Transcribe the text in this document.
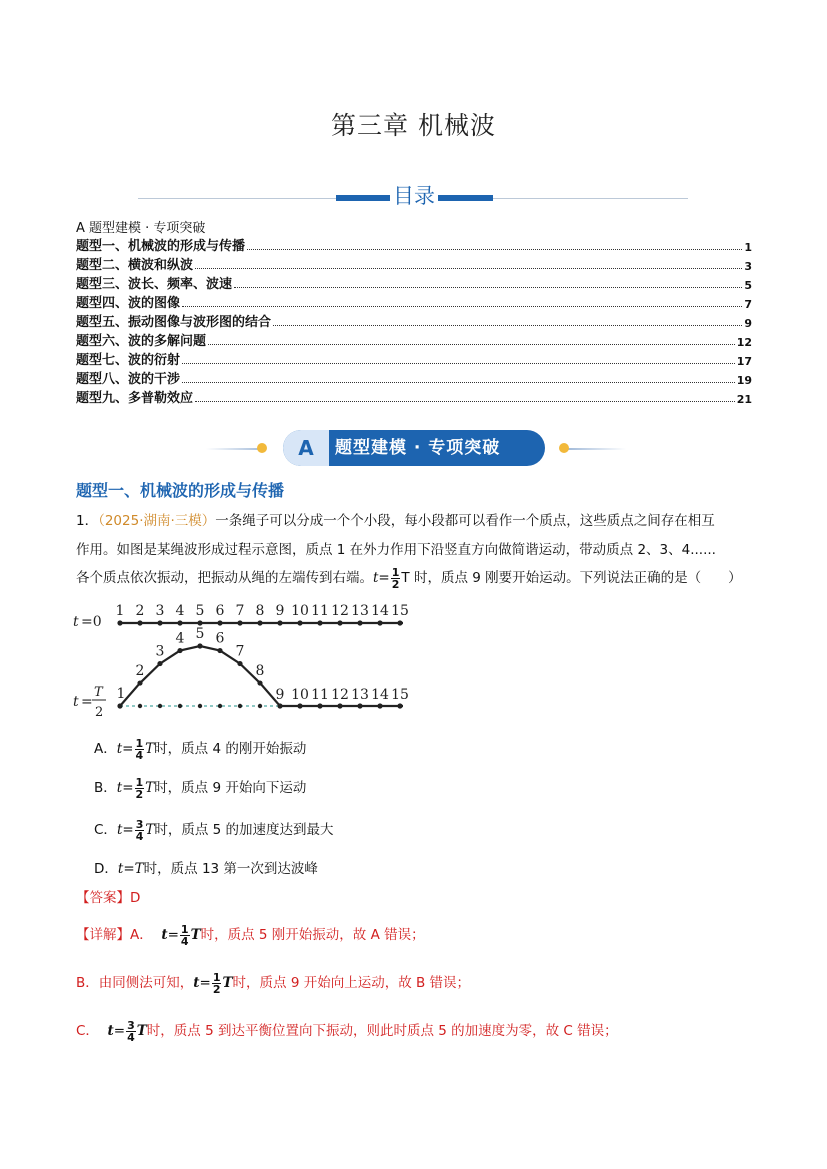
第三章 机械波
目录
A 题型建模 · 专项突破
题型一、机械波的形成与传播	1
题型二、横波和纵波	3
题型三、波长、频率、波速	5
题型四、波的图像	7
题型五、振动图像与波形图的结合	9
题型六、波的多解问题	12
题型七、波的衍射	17
题型八、波的干涉	19
题型九、多普勒效应	21
A	题型建模 · 专项突破
题型一、机械波的形成与传播
1．（2025·湖南·三模）一条绳子可以分成一个个小段，每小段都可以看作一个质点，这些质点之间存在相互
作用。如图是某绳波形成过程示意图，质点 1 在外力作用下沿竖直方向做简谐运动，带动质点 2、3、4......
各个质点依次振动，把振动从绳的左端传到右端。$t= \frac{1}{2}$ T 时，质点 9 刚要开始运动。下列说法正确的是（　　）
t =0
t =
T
2
1 2 3 4 5 6 7 8 9 10 11 12 13 14 15
1
2
3
4 5 6
7
8
9 10 11 12 13 14 15
A．$t= \frac{1}{4}$ T时，质点 4 的刚开始振动
B．$t= \frac{1}{2}$ T时，质点 9 开始向下运动
C．$t= \frac{3}{4}$ T时，质点 5 的加速度达到最大
D．t=T时，质点 13 第一次到达波峰
【答案】D
【详解】A． $t= \frac{1}{4}$ T时，质点 5 刚开始振动，故 A 错误；
B．由同侧法可知，$t= \frac{1}{2}$ T时，质点 9 开始向上运动，故 B 错误；
C． $t= \frac{3}{4}$ T时，质点 5 到达平衡位置向下振动，则此时质点 5 的加速度为零，故 C 错误；
